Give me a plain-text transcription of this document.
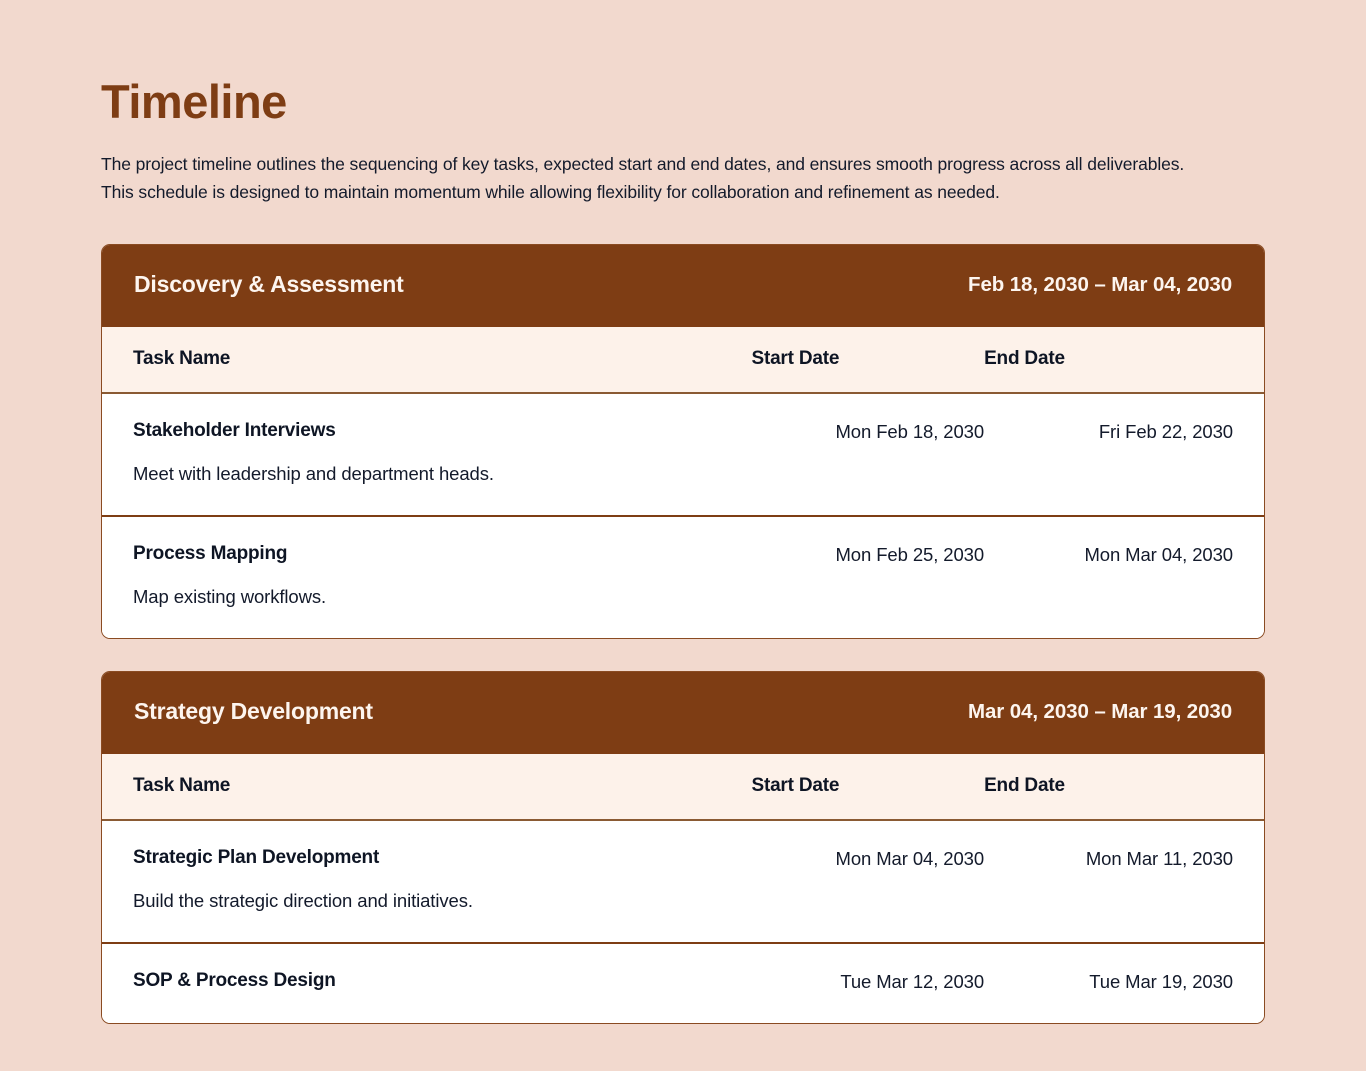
Timeline

The project timeline outlines the sequencing of key tasks, expected start and end dates, and ensures smooth progress across all deliverables. This schedule is designed to maintain momentum while allowing flexibility for collaboration and refinement as needed.

Discovery & Assessment	Feb 18, 2030 – Mar 04, 2030
Task Name	Start Date	End Date

Stakeholder Interviews
Meet with leadership and department heads.	Mon Feb 18, 2030	Fri Feb 22, 2030

Process Mapping
Map existing workflows.	Mon Feb 25, 2030	Mon Mar 04, 2030
Strategy Development	Mar 04, 2030 – Mar 19, 2030
Task Name	Start Date	End Date

Strategic Plan Development
Build the strategic direction and initiatives.	Mon Mar 04, 2030	Mon Mar 11, 2030

SOP & Process Design	Tue Mar 12, 2030	Tue Mar 19, 2030
